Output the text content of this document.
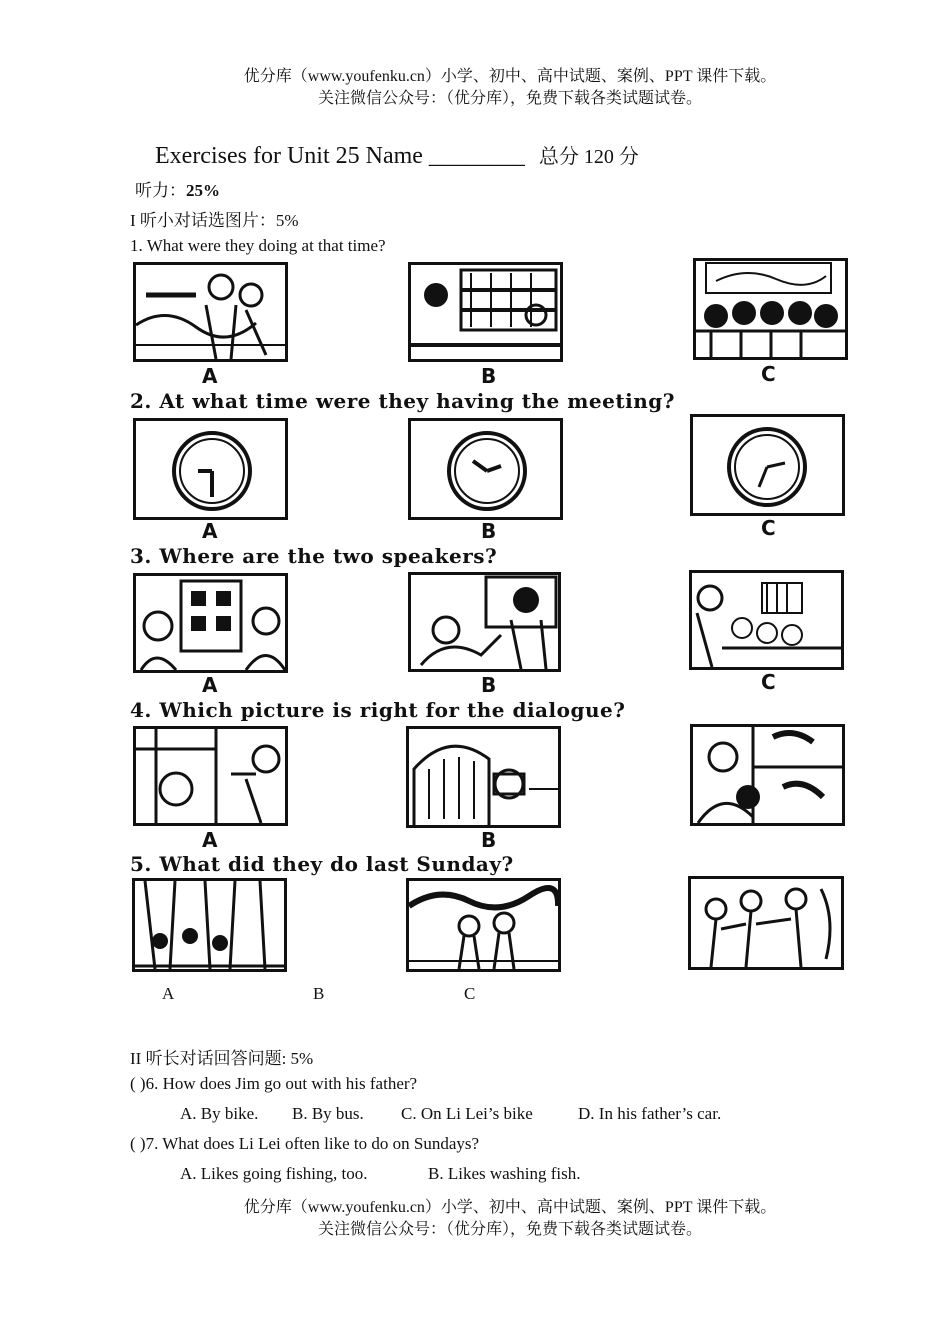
优分库（www.youfenku.cn）小学、初中、高中试题、案例、PPT 课件下载。
关注微信公众号：（优分库），免费下载各类试题试卷。
Exercises for Unit 25 Name ________ 总分 120 分
听力：25%
I 听小对话选图片：5%
1. What were they doing at that time?
A	B	C
2. At what time were they having the meeting?
A	B	C
3. Where are the two speakers?
A	B	C
4. Which picture is right for the dialogue?
A	B
5. What did they do last Sunday?
A	B	C
II 听长对话回答问题: 5%
( )6. How does Jim go out with his father?
A. By bike. B. By bus. C. On Li Lei’s bike	D. In his father’s car.
( )7. What does Li Lei often like to do on Sundays?
A. Likes going fishing, too.	B. Likes washing fish.
优分库（www.youfenku.cn）小学、初中、高中试题、案例、PPT 课件下载。
关注微信公众号：（优分库），免费下载各类试题试卷。
